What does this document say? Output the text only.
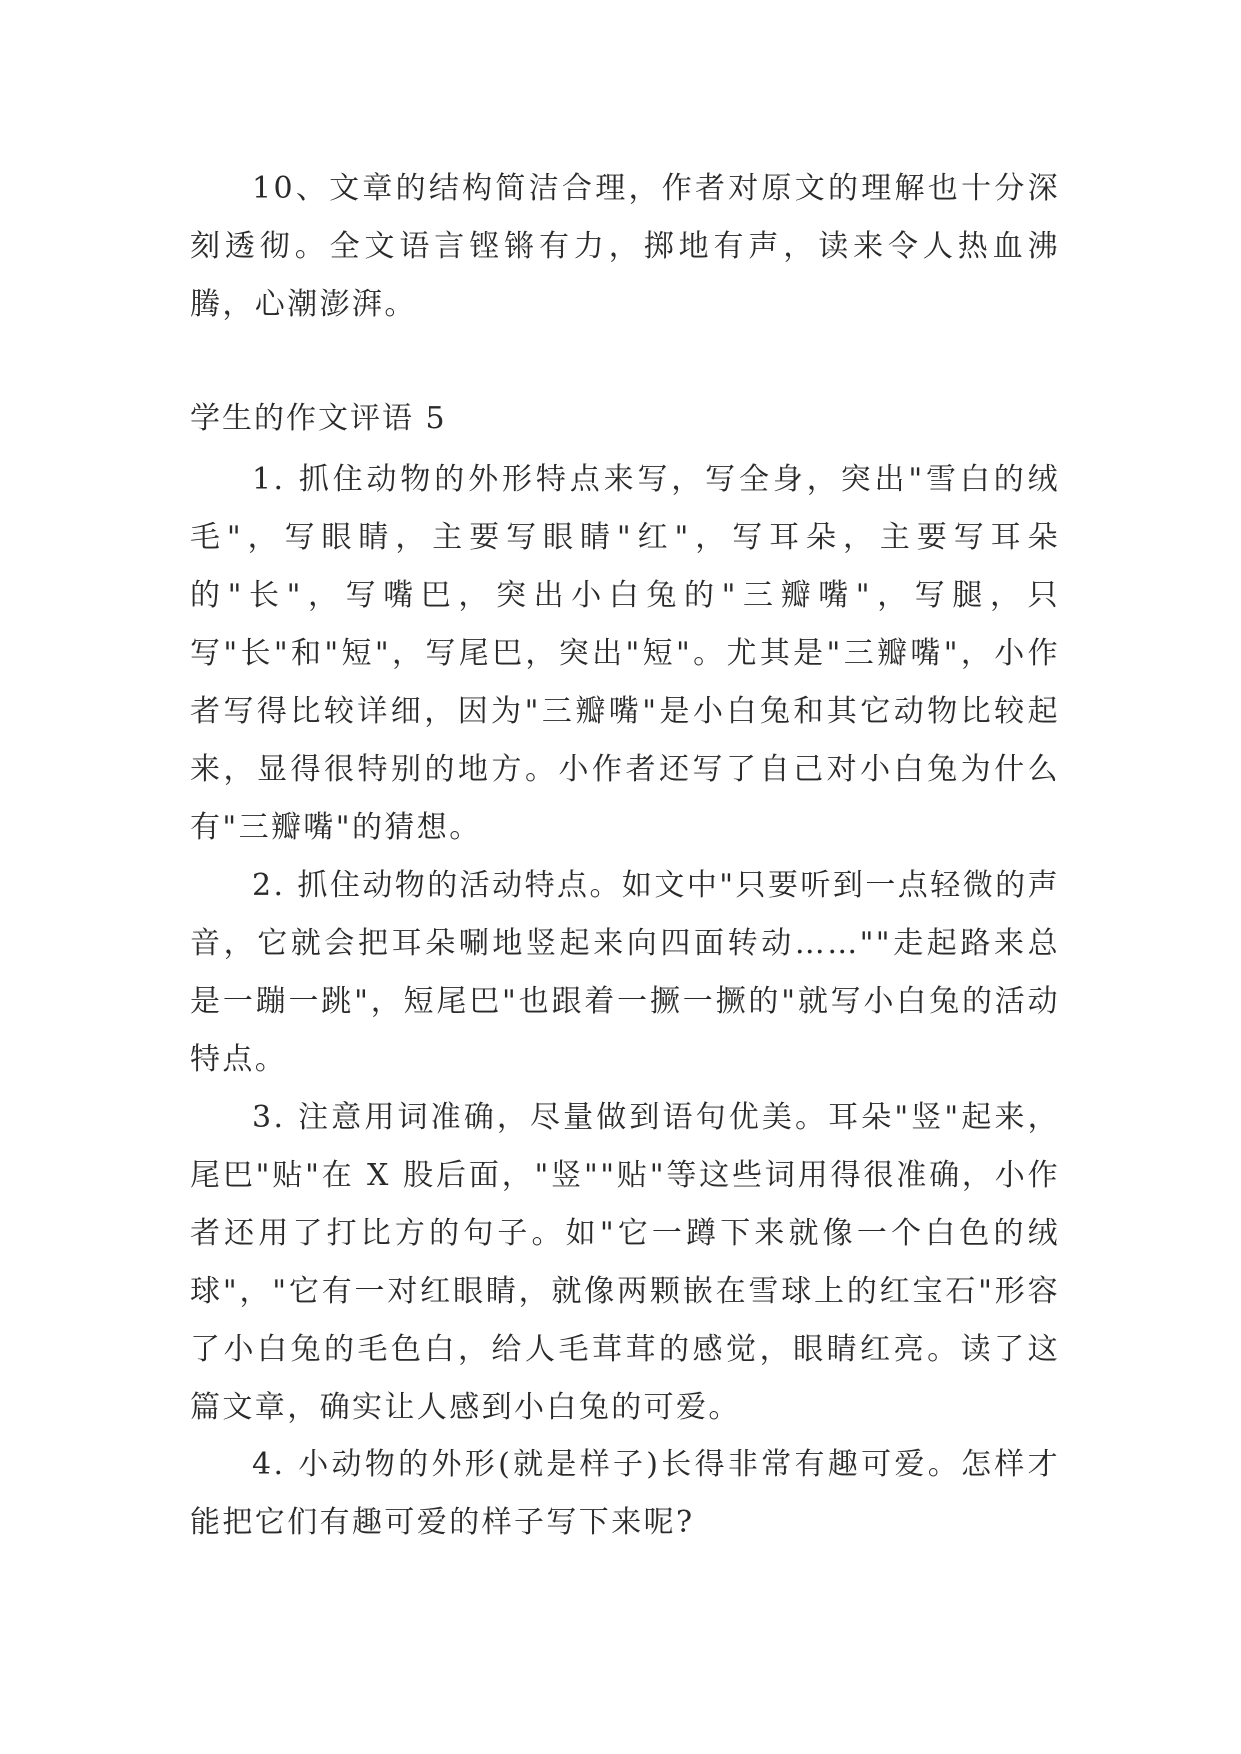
10、文章的结构简洁合理，作者对原文的理解也十分深刻透彻。全文语言铿锵有力，掷地有声，读来令人热血沸腾，心潮澎湃。

学生的作文评语 5

1. 抓住动物的外形特点来写，写全身，突出"雪白的绒毛"，写眼睛，主要写眼睛"红"，写耳朵，主要写耳朵的"长"，写嘴巴，突出小白兔的"三瓣嘴"，写腿，只写"长"和"短"，写尾巴，突出"短"。尤其是"三瓣嘴"，小作者写得比较详细，因为"三瓣嘴"是小白兔和其它动物比较起来，显得很特别的地方。小作者还写了自己对小白兔为什么有"三瓣嘴"的猜想。

2. 抓住动物的活动特点。如文中"只要听到一点轻微的声音，它就会把耳朵唰地竖起来向四面转动……""走起路来总是一蹦一跳"，短尾巴"也跟着一撅一撅的"就写小白兔的活动特点。

3. 注意用词准确，尽量做到语句优美。耳朵"竖"起来，尾巴"贴"在 X 股后面，"竖""贴"等这些词用得很准确，小作者还用了打比方的句子。如"它一蹲下来就像一个白色的绒球"，"它有一对红眼睛，就像两颗嵌在雪球上的红宝石"形容了小白兔的毛色白，给人毛茸茸的感觉，眼睛红亮。读了这篇文章，确实让人感到小白兔的可爱。

4. 小动物的外形(就是样子)长得非常有趣可爱。怎样才能把它们有趣可爱的样子写下来呢?
